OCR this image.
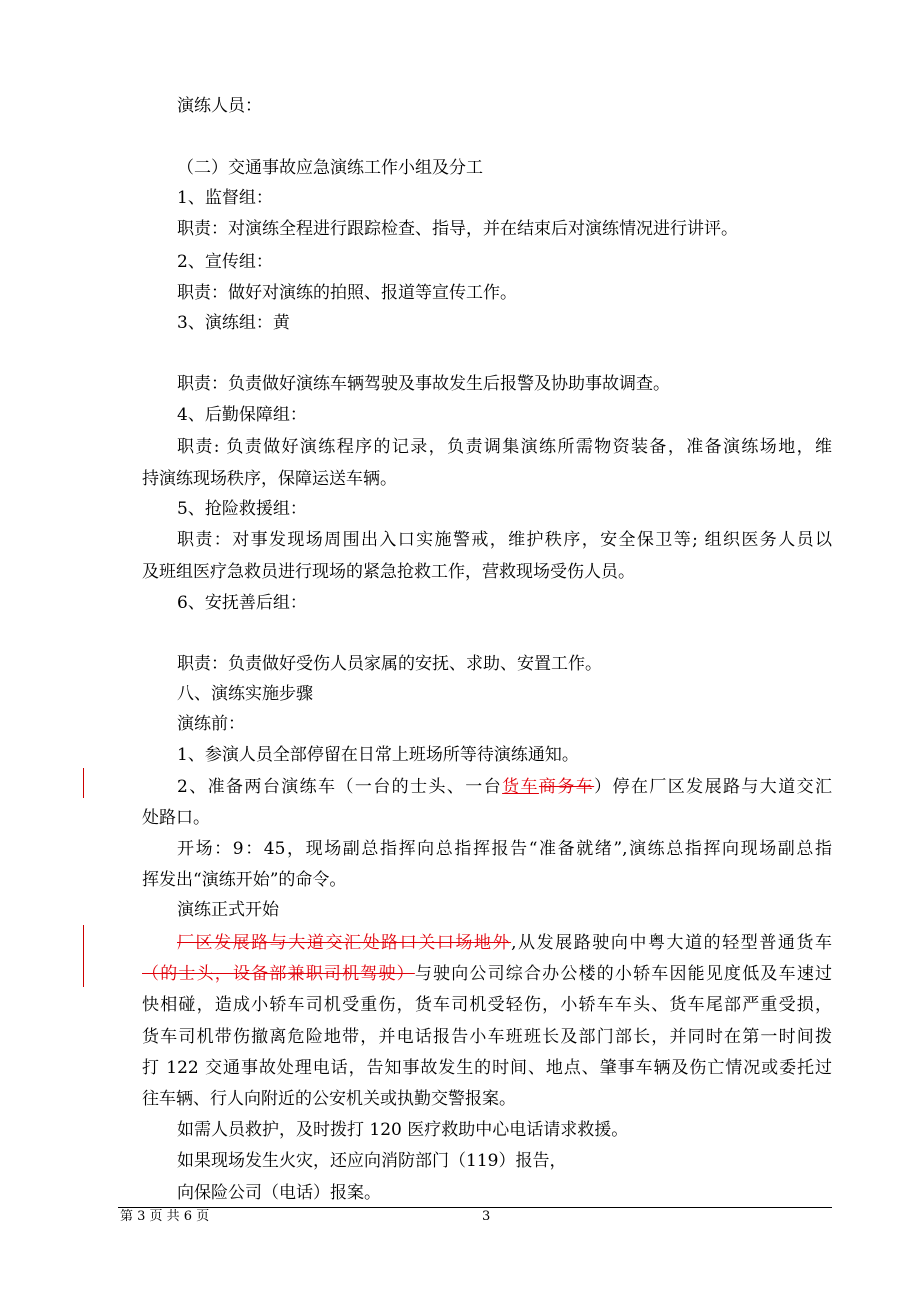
演练人员：
（二）交通事故应急演练工作小组及分工
1、监督组：
职责：对演练全程进行跟踪检查、指导，并在结束后对演练情况进行讲评。
2、宣传组：
职责：做好对演练的拍照、报道等宣传工作。
3、演练组：黄
职责：负责做好演练车辆驾驶及事故发生后报警及协助事故调查。
4、后勤保障组：
职责: 负责做好演练程序的记录，负责调集演练所需物资装备，准备演练场地，维
持演练现场秩序，保障运送车辆。
5、抢险救援组：
职责：对事发现场周围出入口实施警戒，维护秩序，安全保卫等; 组织医务人员以
及班组医疗急救员进行现场的紧急抢救工作，营救现场受伤人员。
6、安抚善后组：
职责：负责做好受伤人员家属的安抚、求助、安置工作。
八、演练实施步骤
演练前：
1、参演人员全部停留在日常上班场所等待演练通知。
2、准备两台演练车（一台的士头、一台货车商务车）停在厂区发展路与大道交汇
处路口。
开场：9：45，现场副总指挥向总指挥报告“准备就绪”,演练总指挥向现场副总指
挥发出“演练开始”的命令。
演练正式开始
厂区发展路与大道交汇处路口关口场地外,从发展路驶向中粤大道的轻型普通货车
（的士头，设备部兼职司机驾驶）与驶向公司综合办公楼的小轿车因能见度低及车速过
快相碰，造成小轿车司机受重伤，货车司机受轻伤，小轿车车头、货车尾部严重受损，
货车司机带伤撤离危险地带，并电话报告小车班班长及部门部长，并同时在第一时间拨
打 122 交通事故处理电话，告知事故发生的时间、地点、肇事车辆及伤亡情况或委托过
往车辆、行人向附近的公安机关或执勤交警报案。
如需人员救护，及时拨打 120 医疗救助中心电话请求救援。
如果现场发生火灾，还应向消防部门（119）报告，
向保险公司（电话）报案。
第 3 页 共 6 页	3
